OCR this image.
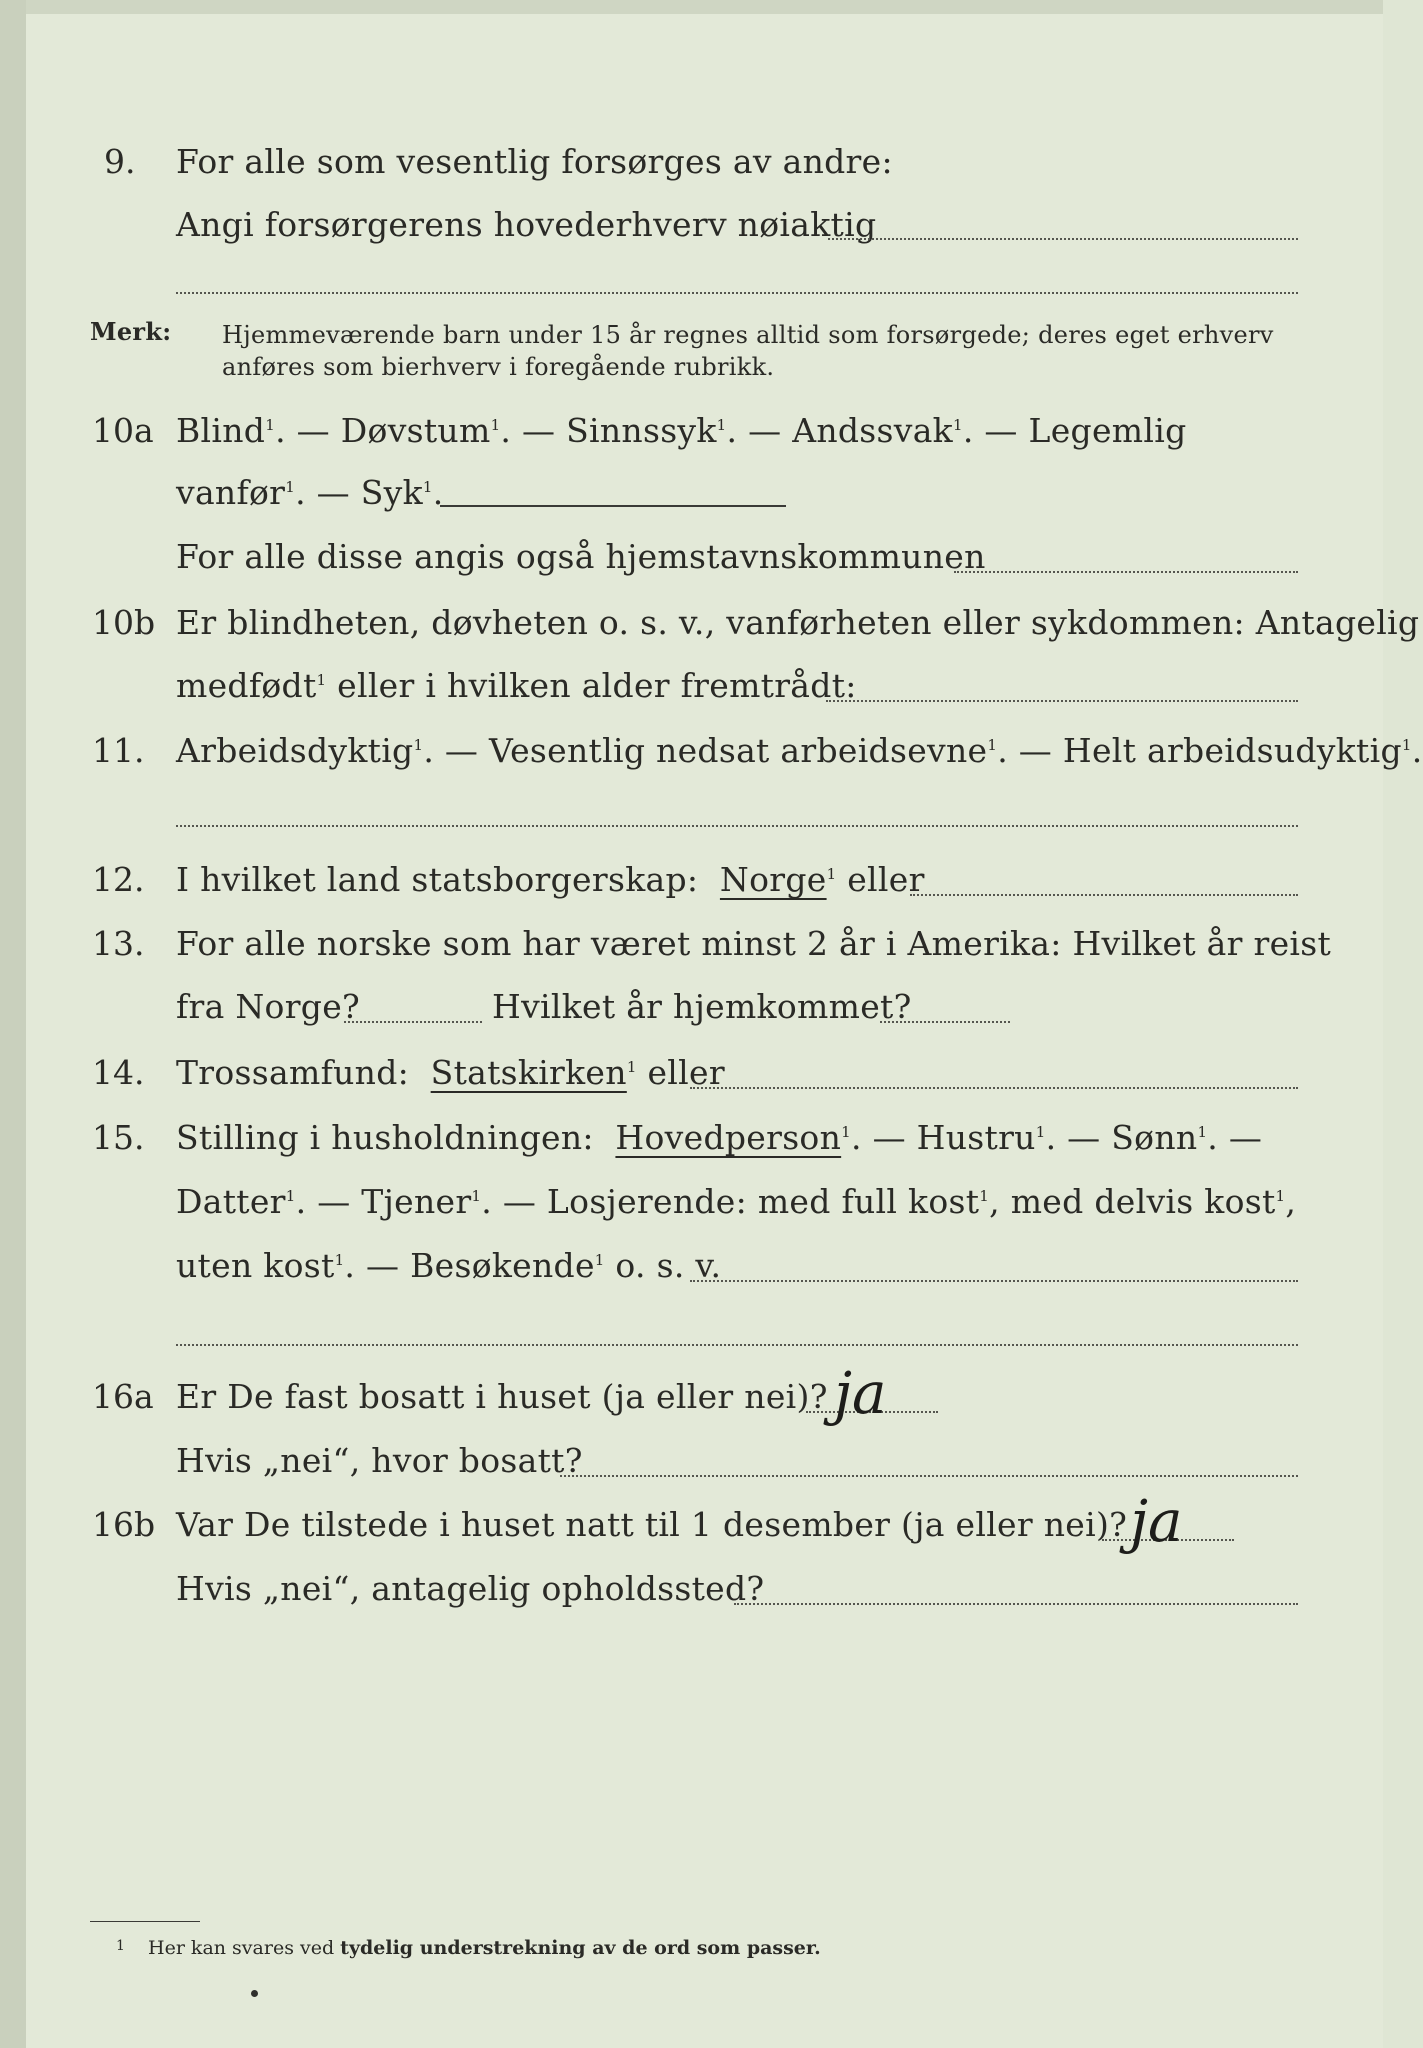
9. For alle som vesentlig forsørges av andre:
Angi forsørgerens hovederhverv nøiaktig
Merk: Hjemmeværende barn under 15 år regnes alltid som forsørgede; deres eget erhverv
anføres som bierhverv i foregående rubrikk.
10a Blind$^1$. — Døvstum$^1$. — Sinnssyk$^1$. — Andssvak$^1$. — Legemlig
vanfør$^1$. — Syk$^1$.
For alle disse angis også hjemstavnskommunen
10b Er blindheten, døvheten o. s. v., vanførheten eller sykdommen: Antagelig
medfødt$^1$ eller i hvilken alder fremtrådt:
11. Arbeidsdyktig$^1$. — Vesentlig nedsat arbeidsevne$^1$. — Helt arbeidsudyktig$^1$.
12. I hvilket land statsborgerskap: Norge$^1$ eller
13. For alle norske som har været minst 2 år i Amerika: Hvilket år reist
fra Norge?	Hvilket år hjemkommet?
14. Trossamfund: Statskirken$^1$ eller
15. Stilling i husholdningen: Hovedperson$^1$. — Hustru$^1$. — Sønn$^1$. —
Datter$^1$. — Tjener$^1$. — Losjerende: med full kost$^1$, med delvis kost$^1$,
uten kost$^1$. — Besøkende$^1$ o. s. v.
16a Er De fast bosatt i huset (ja eller nei)? ja
Hvis „nei“, hvor bosatt?
16b Var De tilstede i huset natt til 1 desember (ja eller nei)? ja
Hvis „nei“, antagelig opholdssted?
1 Her kan svares ved tydelig understrekning av de ord som passer.
